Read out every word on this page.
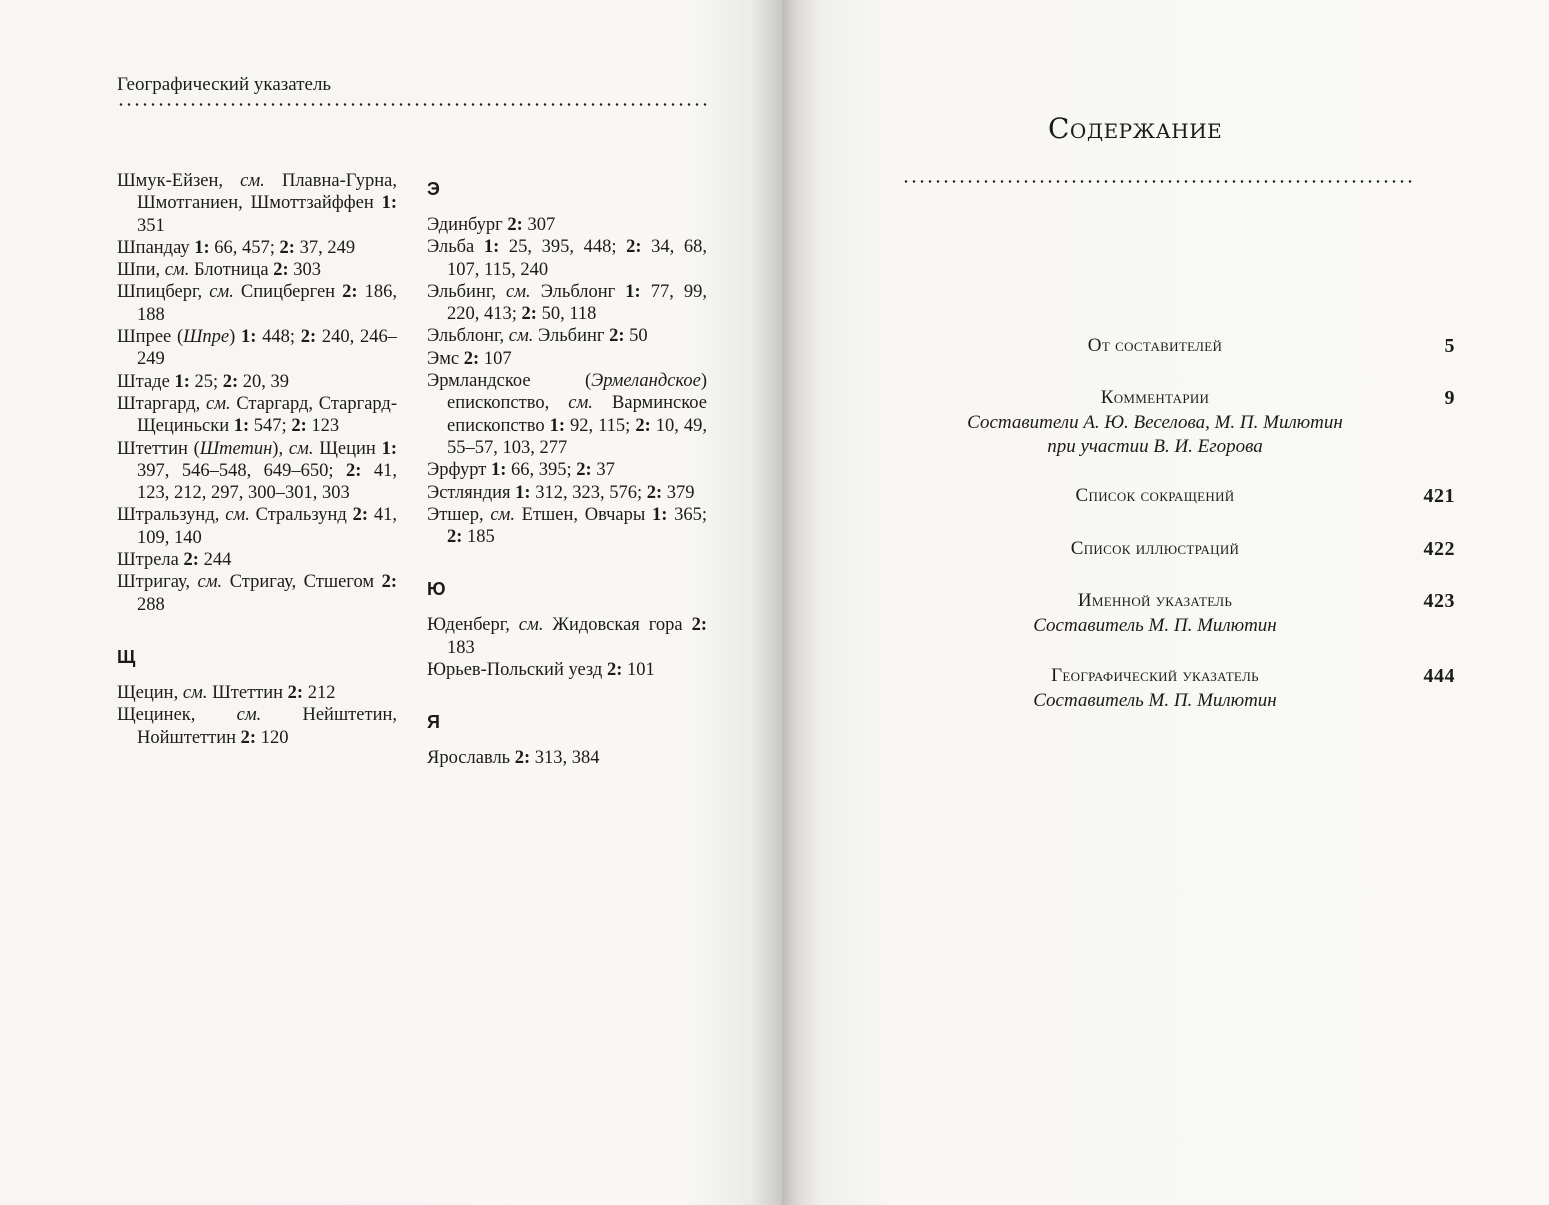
Географический указатель
Шмук-Ейзен, см. Плавна-Гурна, Шмотганиен, Шмоттзайффен 1: 351
Шпандау 1: 66, 457; 2: 37, 249
Шпи, см. Блотница 2: 303
Шпицберг, см. Спицберген 2: 186, 188
Шпрее (Шпре) 1: 448; 2: 240, 246–249
Штаде 1: 25; 2: 20, 39
Штаргард, см. Старгард, Старгард-Щециньски 1: 547; 2: 123
Штеттин (Штетин), см. Щецин 1: 397, 546–548, 649–650; 2: 41, 123, 212, 297, 300–301, 303
Штральзунд, см. Стральзунд 2: 41, 109, 140
Штрела 2: 244
Штригау, см. Стригау, Стшегом 2: 288
Щ
Щецин, см. Штеттин 2: 212
Щецинек, см. Нейштетин, Нойштеттин 2: 120
Э
Эдинбург 2: 307
Эльба 1: 25, 395, 448; 2: 34, 68, 107, 115, 240
Эльбинг, см. Эльблонг 1: 77, 99, 220, 413; 2: 50, 118
Эльблонг, см. Эльбинг 2: 50
Эмс 2: 107
Эрмландское (Эрмеландское) епископство, см. Варминское епископство 1: 92, 115; 2: 10, 49, 55–57, 103, 277
Эрфурт 1: 66, 395; 2: 37
Эстляндия 1: 312, 323, 576; 2: 379
Этшер, см. Етшен, Овчары 1: 365; 2: 185
Ю
Юденберг, см. Жидовская гора 2: 183
Юрьев-Польский уезд 2: 101
Я
Ярославль 2: 313, 384
Содержание
От составителей	5
Комментарии	9
Составители А. Ю. Веселова, М. П. Милютин
при участии В. И. Егорова
Список сокращений	421
Список иллюстраций	422
Именной указатель	423
Составитель М. П. Милютин
Географический указатель	444
Составитель М. П. Милютин
